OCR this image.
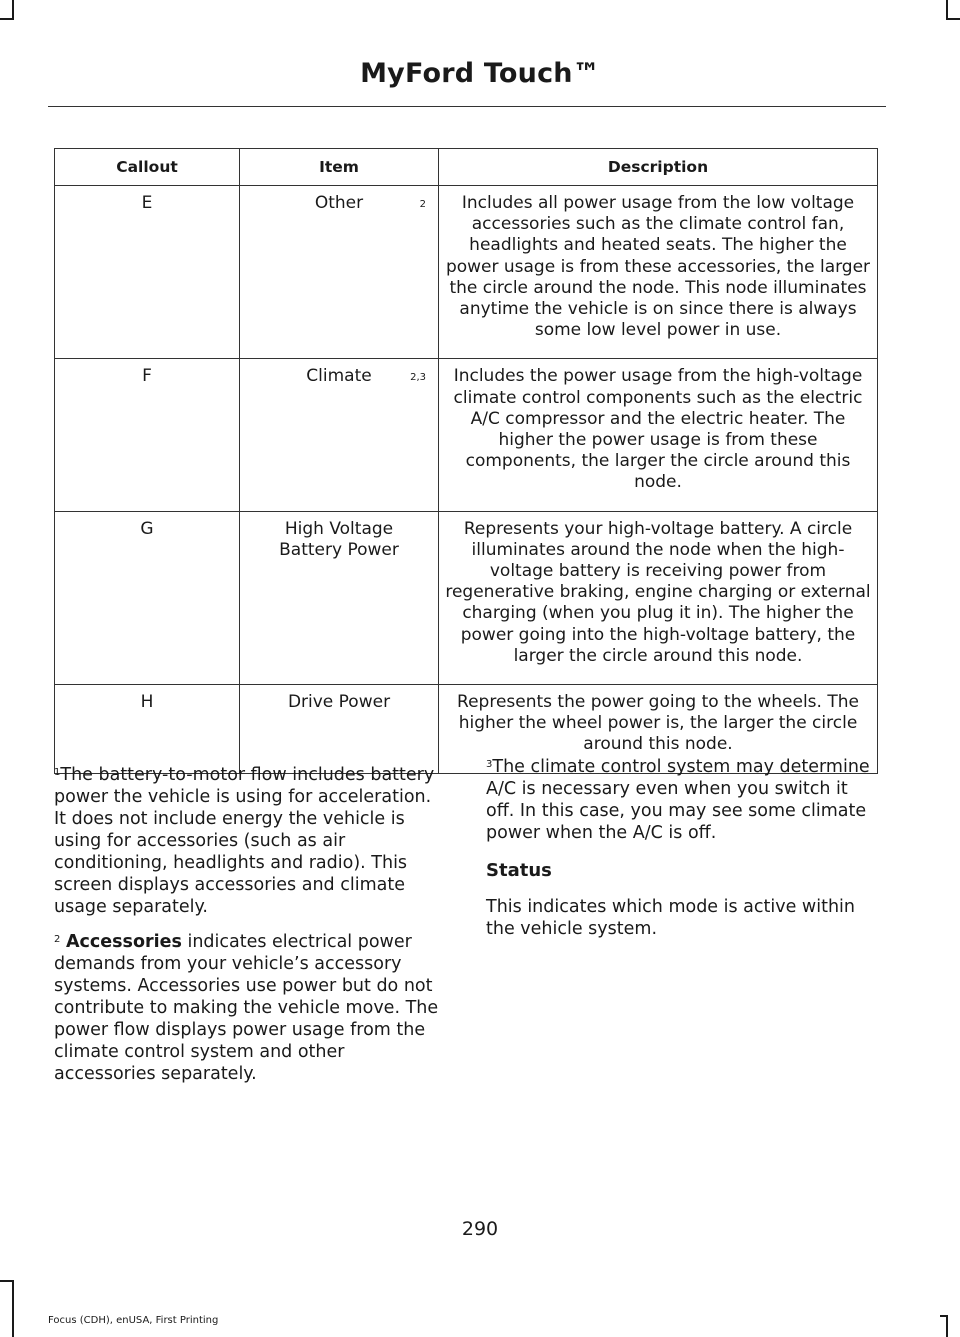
MyFord Touch™
Callout	Item	Description
E	Other 2	Includes all power usage from the low voltage accessories such as the climate control fan, headlights and heated seats. The higher the power usage is from these accessories, the larger the circle around the node. This node illuminates anytime the vehicle is on since there is always some low level power in use.
F	Climate 2,3	Includes the power usage from the high-voltage climate control components such as the electric A/C compressor and the electric heater. The higher the power usage is from these components, the larger the circle around this node.
G	High Voltage Battery Power	Represents your high-voltage battery. A circle illuminates around the node when the high-voltage battery is receiving power from regenerative braking, engine charging or external charging (when you plug it in). The higher the power going into the high-voltage battery, the larger the circle around this node.
H	Drive Power	Represents the power going to the wheels. The higher the wheel power is, the larger the circle around this node.

$^1$The battery-to-motor flow includes battery power the vehicle is using for acceleration. It does not include energy the vehicle is using for accessories (such as air conditioning, headlights and radio). This screen displays accessories and climate usage separately.

$^2$ Accessories indicates electrical power demands from your vehicle’s accessory systems. Accessories use power but do not contribute to making the vehicle move. The power flow displays power usage from the climate control system and other accessories separately.

$^3$The climate control system may determine A/C is necessary even when you switch it off. In this case, you may see some climate power when the A/C is off.

Status

This indicates which mode is active within the vehicle system.

290
Focus (CDH), enUSA, First Printing
